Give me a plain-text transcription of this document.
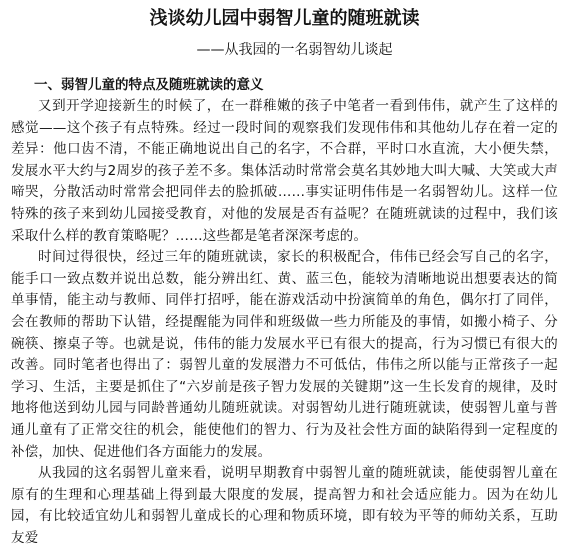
浅谈幼儿园中弱智儿童的随班就读
——从我园的一名弱智幼儿谈起
一、弱智儿童的特点及随班就读的意义

又到开学迎接新生的时候了，在一群稚嫩的孩子中笔者一看到伟伟，就产生了这样的感觉——这个孩子有点特殊。经过一段时间的观察我们发现伟伟和其他幼儿存在着一定的差异：他口齿不清，不能正确地说出自己的名字，不合群，平时口水直流，大小便失禁，发展水平大约与2周岁的孩子差不多。集体活动时常常会莫名其妙地大叫大喊、大笑或大声啼哭，分散活动时常常会把同伴去的脸抓破……事实证明伟伟是一名弱智幼儿。这样一位特殊的孩子来到幼儿园接受教育，对他的发展是否有益呢？在随班就读的过程中，我们该采取什么样的教育策略呢？……这些都是笔者深深考虑的。

时间过得很快，经过三年的随班就读，家长的积极配合，伟伟已经会写自己的名字，能手口一致点数并说出总数，能分辨出红、黄、蓝三色，能较为清晰地说出想要表达的简单事情，能主动与教师、同伴打招呼，能在游戏活动中扮演简单的角色，偶尔打了同伴，会在教师的帮助下认错，经提醒能为同伴和班级做一些力所能及的事情，如搬小椅子、分碗筷、擦桌子等。也就是说，伟伟的能力发展水平已有很大的提高，行为习惯已有很大的改善。同时笔者也得出了：弱智儿童的发展潜力不可低估，伟伟之所以能与正常孩子一起学习、生活，主要是抓住了“六岁前是孩子智力发展的关键期”这一生长发育的规律，及时地将他送到幼儿园与同龄普通幼儿随班就读。对弱智幼儿进行随班就读，使弱智儿童与普通儿童有了正常交往的机会，能使他们的智力、行为及社会性方面的缺陷得到一定程度的补偿，加快、促进他们各方面能力的发展。

从我园的这名弱智儿童来看，说明早期教育中弱智儿童的随班就读，能使弱智儿童在原有的生理和心理基础上得到最大限度的发展，提高智力和社会适应能力。因为在幼儿园，有比较适宜幼儿和弱智儿童成长的心理和物质环境，即有较为平等的师幼关系，互助友爱
